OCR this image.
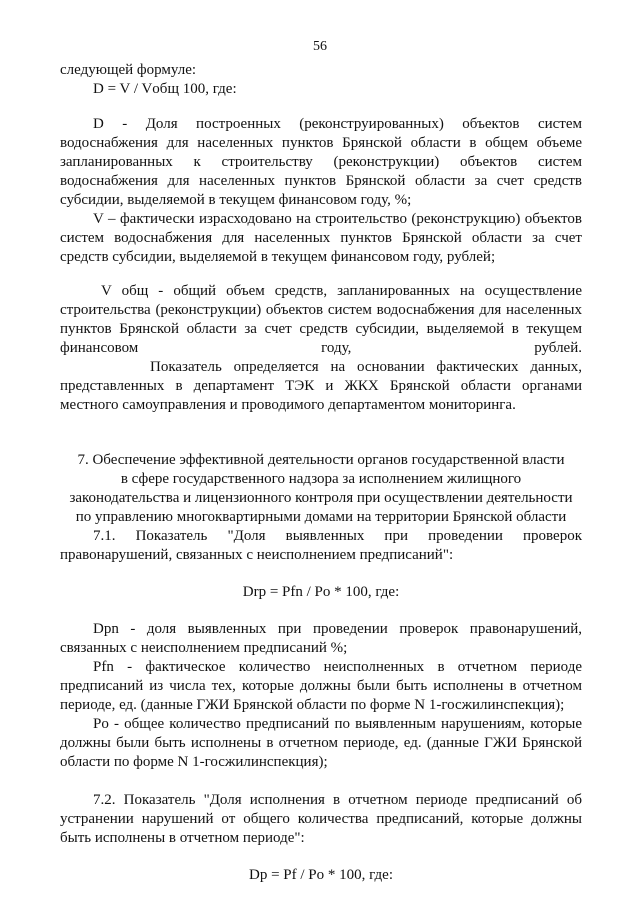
56
следующей формуле:
D = V / Vобщ 100, где:
D - Доля построенных (реконструированных) объектов систем
водоснабжения для населенных пунктов Брянской области в общем объеме
запланированных к строительству (реконструкции) объектов систем
водоснабжения для населенных пунктов Брянской области за счет средств
субсидии, выделяемой в текущем финансовом году, %;
V – фактически израсходовано на строительство (реконструкцию) объектов
систем водоснабжения для населенных пунктов Брянской области за счет
средств субсидии, выделяемой в текущем финансовом году, рублей;
V общ - общий объем средств, запланированных на осуществление
строительства (реконструкции) объектов систем водоснабжения для населенных
пунктов Брянской области за счет средств субсидии, выделяемой в текущем
финансовом году, рублей.
Показатель определяется на основании фактических данных,
представленных в департамент ТЭК и ЖКХ Брянской области органами
местного самоуправления и проводимого департаментом мониторинга.
7. Обеспечение эффективной деятельности органов государственной власти
в сфере государственного надзора за исполнением жилищного
законодательства и лицензионного контроля при осуществлении деятельности
по управлению многоквартирными домами на территории Брянской области
7.1. Показатель "Доля выявленных при проведении проверок
правонарушений, связанных с неисполнением предписаний":
Drp = Pfn / Po * 100, где:
Dpn - доля выявленных при проведении проверок правонарушений,
связанных с неисполнением предписаний %;
Pfn - фактическое количество неисполненных в отчетном периоде
предписаний из числа тех, которые должны были быть исполнены в отчетном
периоде, ед. (данные ГЖИ Брянской области по форме N 1-госжилинспекция);
Po - общее количество предписаний по выявленным нарушениям, которые
должны были быть исполнены в отчетном периоде, ед. (данные ГЖИ Брянской
области по форме N 1-госжилинспекция);
7.2. Показатель "Доля исполнения в отчетном периоде предписаний об
устранении нарушений от общего количества предписаний, которые должны
быть исполнены в отчетном периоде":
Dp = Pf / Po * 100, где:
